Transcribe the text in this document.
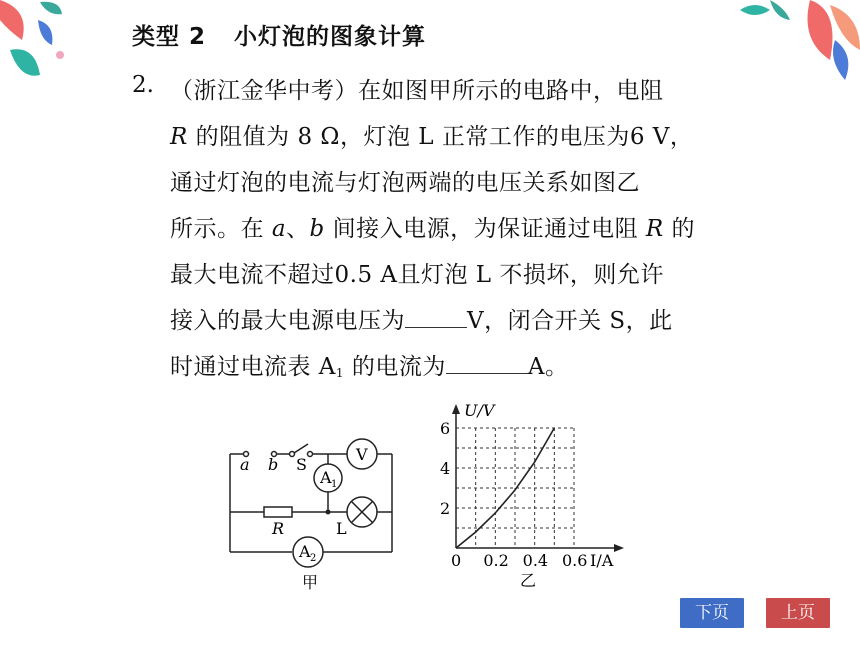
类型 2 小灯泡的图象计算
2. （浙江金华中考）在如图甲所示的电路中，电阻
R 的阻值为 8 Ω，灯泡 L 正常工作的电压为6 V，
通过灯泡的电流与灯泡两端的电压关系如图乙
所示。在 a、b 间接入电源，为保证通过电阻 R 的
最大电流不超过0.5 A且灯泡 L 不损坏，则允许
接入的最大电源电压为	V，闭合开关 S，此
时通过电流表 $A_1$ 的电流为	A。
a b S
V
A 1
R	L
A 2
甲
0 0.2 0.4 0.6
2
4
6
U/V
I/A
乙
下页	上页
